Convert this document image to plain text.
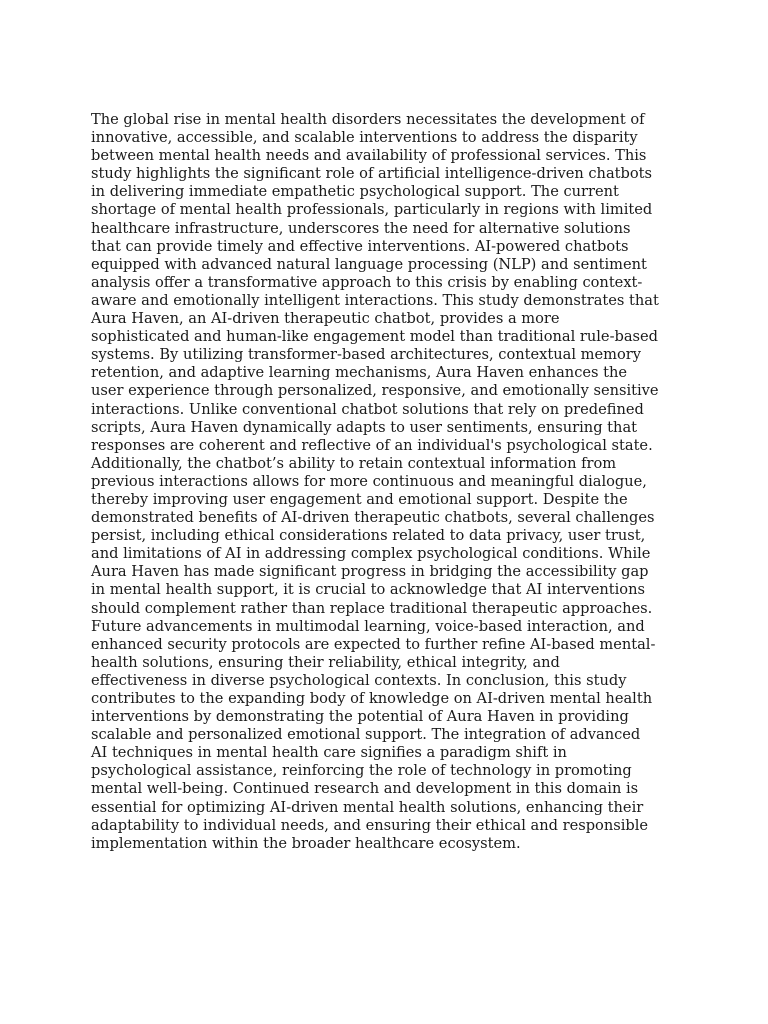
The global rise in mental health disorders necessitates the development of
innovative, accessible, and scalable interventions to address the disparity
between mental health needs and availability of professional services. This
study highlights the significant role of artificial intelligence-driven chatbots
in delivering immediate empathetic psychological support. The current
shortage of mental health professionals, particularly in regions with limited
healthcare infrastructure, underscores the need for alternative solutions
that can provide timely and effective interventions. AI-powered chatbots
equipped with advanced natural language processing (NLP) and sentiment
analysis offer a transformative approach to this crisis by enabling context-
aware and emotionally intelligent interactions. This study demonstrates that
Aura Haven, an AI-driven therapeutic chatbot, provides a more
sophisticated and human-like engagement model than traditional rule-based
systems. By utilizing transformer-based architectures, contextual memory
retention, and adaptive learning mechanisms, Aura Haven enhances the
user experience through personalized, responsive, and emotionally sensitive
interactions. Unlike conventional chatbot solutions that rely on predefined
scripts, Aura Haven dynamically adapts to user sentiments, ensuring that
responses are coherent and reflective of an individual's psychological state.
Additionally, the chatbot’s ability to retain contextual information from
previous interactions allows for more continuous and meaningful dialogue,
thereby improving user engagement and emotional support. Despite the
demonstrated benefits of AI-driven therapeutic chatbots, several challenges
persist, including ethical considerations related to data privacy, user trust,
and limitations of AI in addressing complex psychological conditions. While
Aura Haven has made significant progress in bridging the accessibility gap
in mental health support, it is crucial to acknowledge that AI interventions
should complement rather than replace traditional therapeutic approaches.
Future advancements in multimodal learning, voice-based interaction, and
enhanced security protocols are expected to further refine AI-based mental-
health solutions, ensuring their reliability, ethical integrity, and
effectiveness in diverse psychological contexts. In conclusion, this study
contributes to the expanding body of knowledge on AI-driven mental health
interventions by demonstrating the potential of Aura Haven in providing
scalable and personalized emotional support. The integration of advanced
AI techniques in mental health care signifies a paradigm shift in
psychological assistance, reinforcing the role of technology in promoting
mental well-being. Continued research and development in this domain is
essential for optimizing AI-driven mental health solutions, enhancing their
adaptability to individual needs, and ensuring their ethical and responsible
implementation within the broader healthcare ecosystem.
